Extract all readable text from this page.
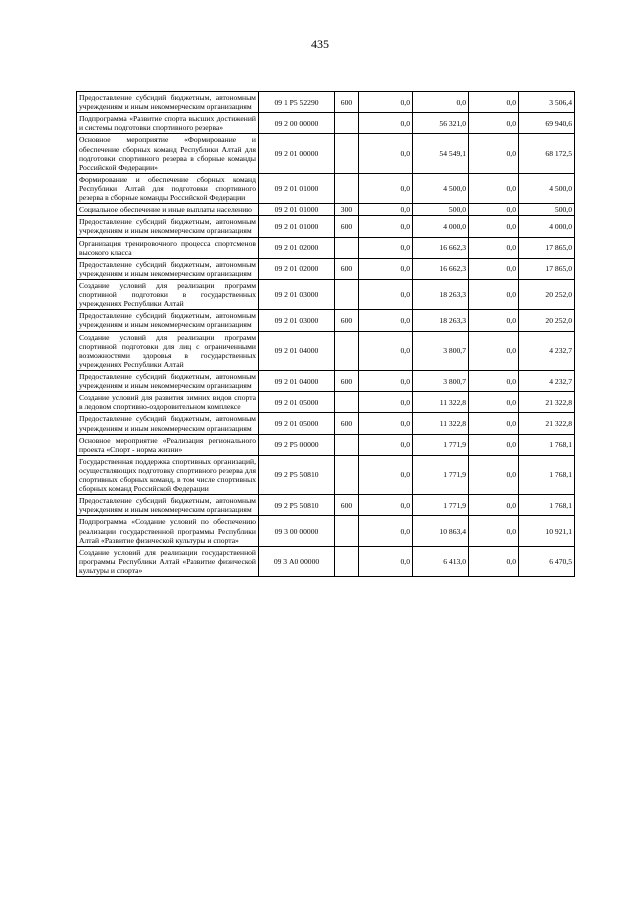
435
Предоставление субсидий бюджетным, автономным учреждениям и иным некоммерческим организациям	09 1 P5 52290	600	0,0	0,0	0,0	3 506,4
Подпрограмма «Развитие спорта высших достижений и системы подготовки спортивного резерва»	09 2 00 00000		0,0	56 321,0	0,0	69 940,6
Основное мероприятие «Формирование и обеспечение сборных команд Республики Алтай для подготовки спортивного резерва в сборные команды Российской Федерации»	09 2 01 00000		0,0	54 549,1	0,0	68 172,5
Формирование и обеспечение сборных команд Республики Алтай для подготовки спортивного резерва в сборные команды Российской Федерации	09 2 01 01000		0,0	4 500,0	0,0	4 500,0
Социальное обеспечение и иные выплаты населению	09 2 01 01000	300	0,0	500,0	0,0	500,0
Предоставление субсидий бюджетным, автономным учреждениям и иным некоммерческим организациям	09 2 01 01000	600	0,0	4 000,0	0,0	4 000,0
Организация тренировочного процесса спортсменов высокого класса	09 2 01 02000		0,0	16 662,3	0,0	17 865,0
Предоставление субсидий бюджетным, автономным учреждениям и иным некоммерческим организациям	09 2 01 02000	600	0,0	16 662,3	0,0	17 865,0
Создание условий для реализации программ спортивной подготовки в государственных учреждениях Республики Алтай	09 2 01 03000		0,0	18 263,3	0,0	20 252,0
Предоставление субсидий бюджетным, автономным учреждениям и иным некоммерческим организациям	09 2 01 03000	600	0,0	18 263,3	0,0	20 252,0
Создание условий для реализации программ спортивной подготовки для лиц с ограниченными возможностями здоровья в государственных учреждениях Республики Алтай	09 2 01 04000		0,0	3 800,7	0,0	4 232,7
Предоставление субсидий бюджетным, автономным учреждениям и иным некоммерческим организациям	09 2 01 04000	600	0,0	3 800,7	0,0	4 232,7
Создание условий для развития зимних видов спорта в ледовом спортивно-оздоровительном комплексе	09 2 01 05000		0,0	11 322,8	0,0	21 322,8
Предоставление субсидий бюджетным, автономным учреждениям и иным некоммерческим организациям	09 2 01 05000	600	0,0	11 322,8	0,0	21 322,8
Основное мероприятие «Реализация регионального проекта «Спорт - норма жизни»	09 2 P5 00000		0,0	1 771,9	0,0	1 768,1
Государственная поддержка спортивных организаций, осуществляющих подготовку спортивного резерва для спортивных сборных команд, в том числе спортивных сборных команд Российской Федерации	09 2 P5 50810		0,0	1 771,9	0,0	1 768,1
Предоставление субсидий бюджетным, автономным учреждениям и иным некоммерческим организациям	09 2 P5 50810	600	0,0	1 771,9	0,0	1 768,1
Подпрограмма «Создание условий по обеспечению реализации государственной программы Республики Алтай «Развитие физической культуры и спорта»	09 3 00 00000		0,0	10 863,4	0,0	10 921,1
Создание условий для реализации государственной программы Республики Алтай «Развитие физической культуры и спорта»	09 3 А0 00000		0,0	6 413,0	0,0	6 470,5
